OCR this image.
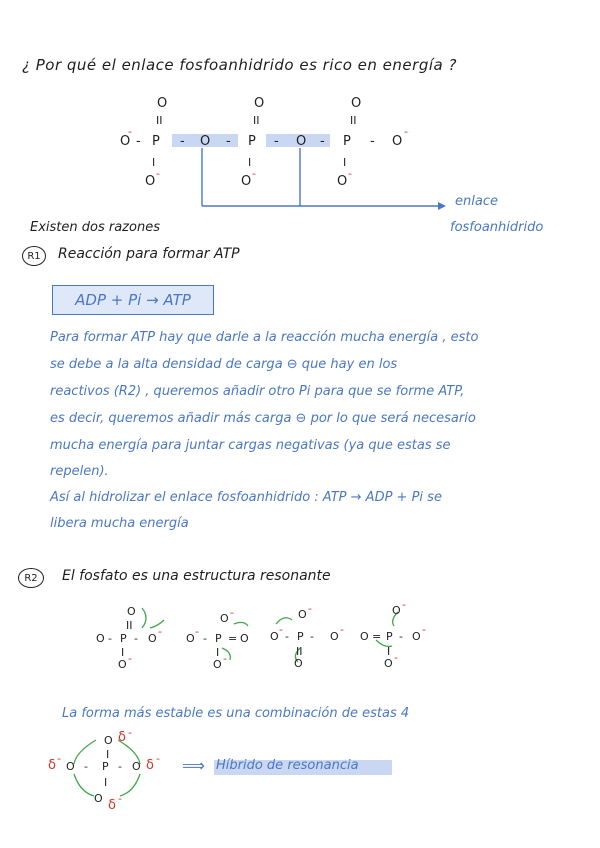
¿ Por qué el enlace fosfoanhidrido es rico en energía ?
O
II
O
II
O
II
O
-
- P - O - P - O - P - O
-
I	I	I
O
-
O
-
O
-
enlace
fosfoanhidrido
Existen dos razones
R1 Reacción para formar ATP
ADP + Pi → ATP
Para formar ATP hay que darle a la reacción mucha energía , esto
se debe a la alta densidad de carga ⊖ que hay en los
reactivos (R2) , queremos añadir otro Pi para que se forme ATP,
es decir, queremos añadir más carga ⊖ por lo que será necesario
mucha energía para juntar cargas negativas (ya que estas se
repelen).
Así al hidrolizar el enlace fosfoanhidrido : ATP → ADP + Pi se
libera mucha energía
R2 El fosfato es una estructura resonante
O
II
O - P - O
-
I
O -
O -
O
-
- P = O
I
O -
O -
O
-
- P - O
-
II
O
O -
O = P - O
-
I
O -
La forma más estable es una combinación de estas 4
O δ -
I
δ -
O - P - O δ -
I
O δ -
⟹ Híbrido de resonancia
